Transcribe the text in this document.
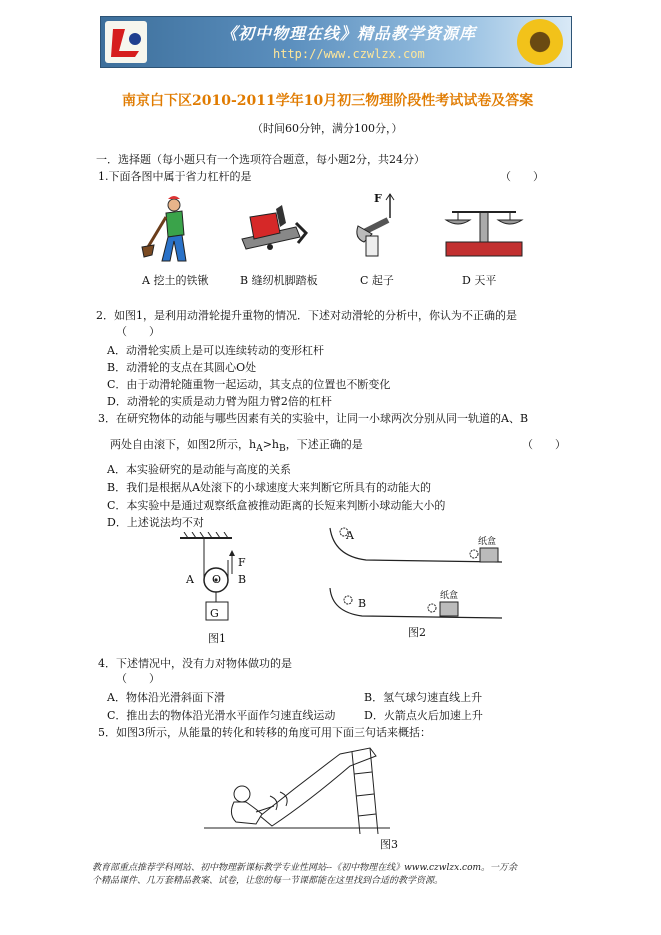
《初中物理在线》精品教学资源库
http://www.czwlzx.com
南京白下区2010-2011学年10月初三物理阶段性考试试卷及答案
（时间60分钟，满分100分，）
一．选择题（每小题只有一个选项符合题意，每小题2分，共24分）
1.下面各图中属于省力杠杆的是	（　　）
F
A 挖土的铁锹	B 缝纫机脚踏板	C 起子	D 天平
2．如图1，是利用动滑轮提升重物的情况．下述对动滑轮的分析中，你认为不正确的是
（　　）
A．动滑轮实质上是可以连续转动的变形杠杆
B．动滑轮的支点在其圆心O处
C．由于动滑轮随重物一起运动，其支点的位置也不断变化
D．动滑轮的实质是动力臂为阻力臂2倍的杠杆
3．在研究物体的动能与哪些因素有关的实验中，让同一小球两次分别从同一轨道的A、B
两处自由滚下，如图2所示，$h_A>h_B$，下述正确的是	（　　）
A．本实验研究的是动能与高度的关系
B．我们是根据从A处滚下的小球速度大来判断它所具有的动能大的
C．本实验中是通过观察纸盒被推动距离的长短来判断小球动能大小的
D．上述说法均不对
A O B
F
G
图1
A
B
纸盒
纸盒
图2
4．下述情况中，没有力对物体做功的是
（　　）
A．物体沿光滑斜面下滑	B．氢气球匀速直线上升
C．推出去的物体沿光滑水平面作匀速直线运动	D．火箭点火后加速上升
5．如图3所示，从能量的转化和转移的角度可用下面三句话来概括：
图3
教育部重点推荐学科网站、初中物理新课标教学专业性网站--《初中物理在线》www.czwlzx.com。一万余
个精品课件、几万套精品教案、试卷，让您的每一节课都能在这里找到合适的教学资源。
